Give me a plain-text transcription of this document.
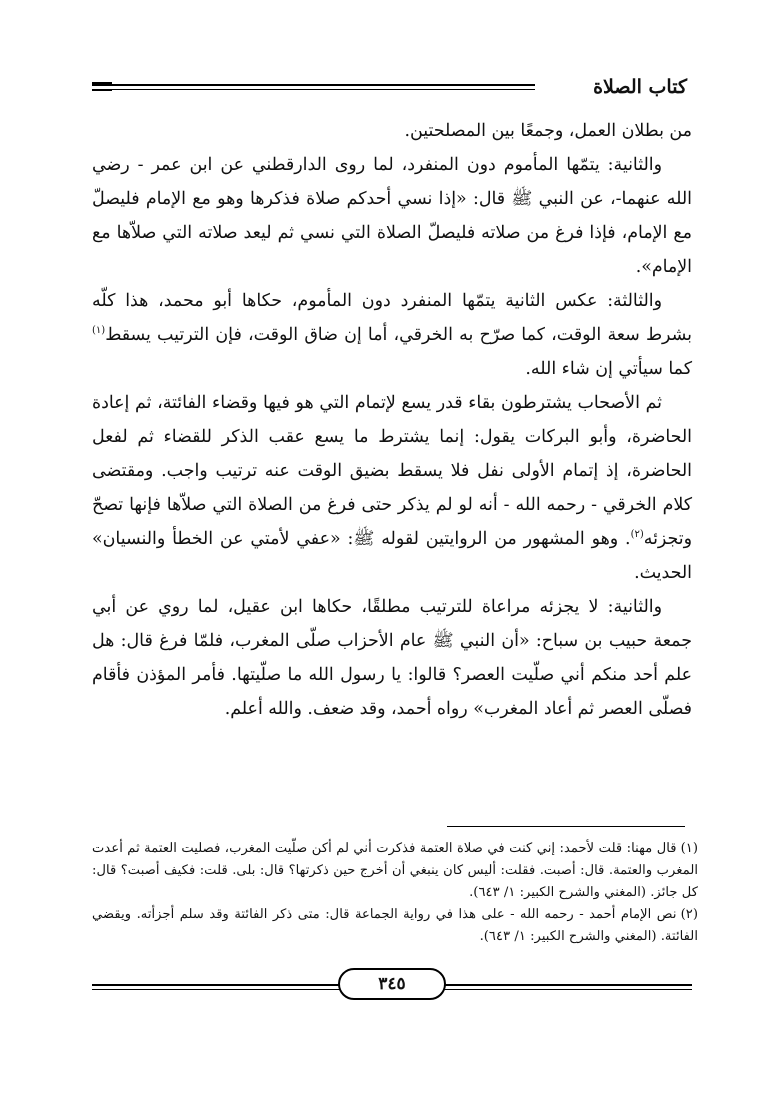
كتاب الصلاة

من بطلان العمل، وجمعًا بين المصلحتين.

والثانية: يتمّها المأموم دون المنفرد، لما روى الدارقطني عن ابن عمر - رضي الله عنهما-، عن النبي ﷺ قال: «إذا نسي أحدكم صلاة فذكرها وهو مع الإمام فليصلّ مع الإمام، فإذا فرغ من صلاته فليصلّ الصلاة التي نسي ثم ليعد صلاته التي صلاّها مع الإمام».

والثالثة: عكس الثانية يتمّها المنفرد دون المأموم، حكاها أبو محمد، هذا كلّه بشرط سعة الوقت، كما صرّح به الخرقي، أما إن ضاق الوقت، فإن الترتيب يسقط$^{(١)}$ كما سيأتي إن شاء الله.

ثم الأصحاب يشترطون بقاء قدر يسع لإتمام التي هو فيها وقضاء الفائتة، ثم إعادة الحاضرة، وأبو البركات يقول: إنما يشترط ما يسع عقب الذكر للقضاء ثم لفعل الحاضرة، إذ إتمام الأولى نفل فلا يسقط بضيق الوقت عنه ترتيب واجب. ومقتضى كلام الخرقي - رحمه الله - أنه لو لم يذكر حتى فرغ من الصلاة التي صلاّها فإنها تصحّ وتجزئه$^{(٢)}$. وهو المشهور من الروايتين لقوله ﷺ: «عفي لأمتي عن الخطأ والنسيان» الحديث.

والثانية: لا يجزئه مراعاة للترتيب مطلقًا، حكاها ابن عقيل، لما روي عن أبي جمعة حبيب بن سباح: «أن النبي ﷺ عام الأحزاب صلّى المغرب، فلمّا فرغ قال: هل علم أحد منكم أني صلّيت العصر؟ قالوا: يا رسول الله ما صلّيتها. فأمر المؤذن فأقام فصلّى العصر ثم أعاد المغرب» رواه أحمد، وقد ضعف. والله أعلم.

(١)قال مهنا: قلت لأحمد: إني كنت في صلاة العتمة فذكرت أني لم أكن صلّيت المغرب، فصليت العتمة ثم أعدت المغرب والعتمة. قال: أصبت. فقلت: أليس كان ينبغي أن أخرج حين ذكرتها؟ قال: بلى. قلت: فكيف أصبت؟ قال: كل جائز. (المغني والشرح الكبير: ١/ ٦٤٣).

(٢)نص الإمام أحمد - رحمه الله - على هذا في رواية الجماعة قال: متى ذكر الفائتة وقد سلم أجزأته. ويقضي الفائتة. (المغني والشرح الكبير: ١/ ٦٤٣).

٣٤٥
